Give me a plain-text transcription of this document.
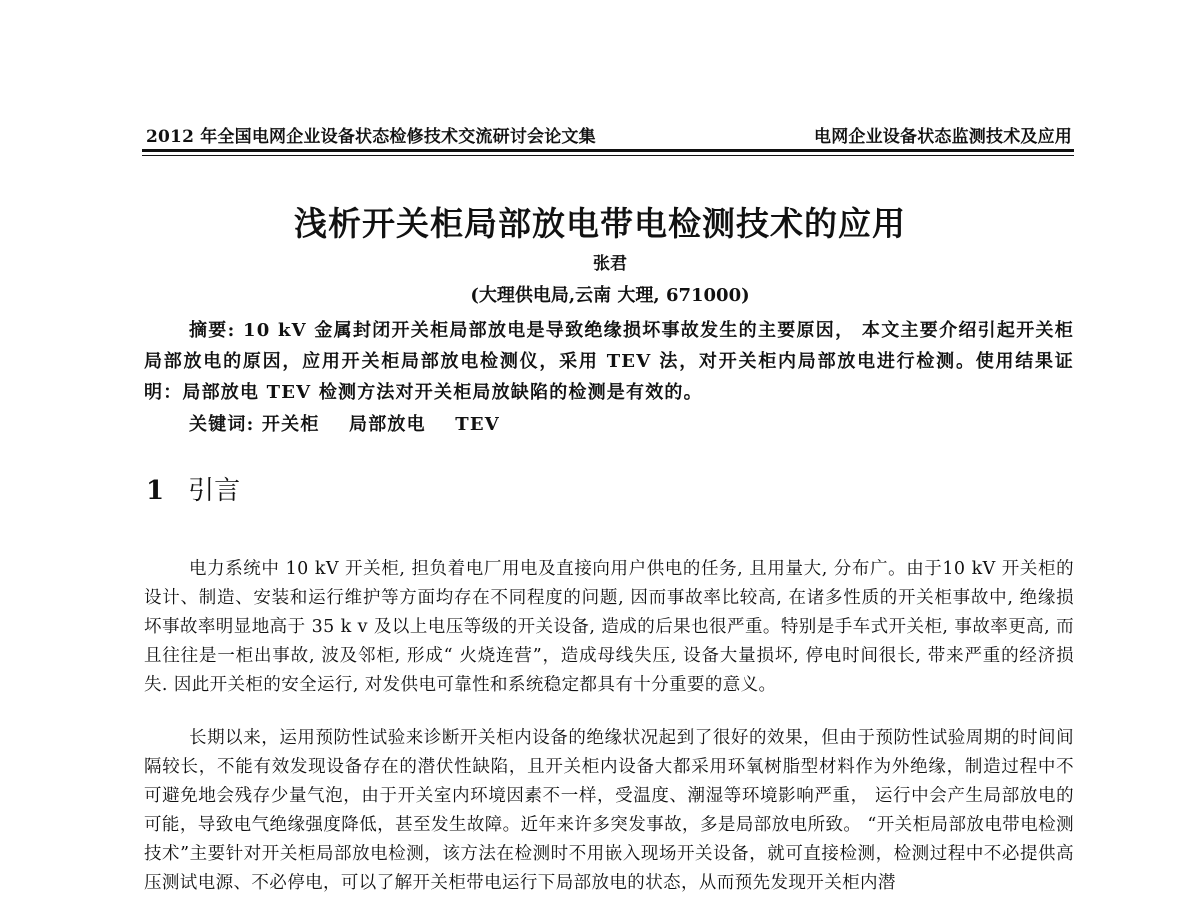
2012 年全国电网企业设备状态检修技术交流研讨会论文集	电网企业设备状态监测技术及应用
浅析开关柜局部放电带电检测技术的应用
张君
(大理供电局,云南 大理, 671000)
摘要: 10 kV 金属封闭开关柜局部放电是导致绝缘损坏事故发生的主要原因， 本文主要介绍引起开关柜局部放电的原因，应用开关柜局部放电检测仪，采用 TEV 法，对开关柜内局部放电进行检测。使用结果证明：局部放电 TEV 检测方法对开关柜局放缺陷的检测是有效的。
关键词: 开关柜 局部放电 TEV
1 引言

电力系统中 10 kV 开关柜, 担负着电厂用电及直接向用户供电的任务, 且用量大, 分布广。由于10 kV 开关柜的设计、制造、安装和运行维护等方面均存在不同程度的问题, 因而事故率比较高, 在诸多性质的开关柜事故中, 绝缘损坏事故率明显地高于 35 k v 及以上电压等级的开关设备, 造成的后果也很严重。特别是手车式开关柜, 事故率更高, 而且往往是一柜出事故, 波及邻柜, 形成“ 火烧连营”，造成母线失压, 设备大量损坏, 停电时间很长, 带来严重的经济损失. 因此开关柜的安全运行, 对发供电可靠性和系统稳定都具有十分重要的意义。

长期以来，运用预防性试验来诊断开关柜内设备的绝缘状况起到了很好的效果，但由于预防性试验周期的时间间隔较长，不能有效发现设备存在的潜伏性缺陷，且开关柜内设备大都采用环氧树脂型材料作为外绝缘，制造过程中不可避免地会残存少量气泡，由于开关室内环境因素不一样，受温度、潮湿等环境影响严重， 运行中会产生局部放电的可能，导致电气绝缘强度降低，甚至发生故障。近年来许多突发事故，多是局部放电所致。 “开关柜局部放电带电检测技术”主要针对开关柜局部放电检测，该方法在检测时不用嵌入现场开关设备，就可直接检测，检测过程中不必提供高压测试电源、不必停电，可以了解开关柜带电运行下局部放电的状态，从而预先发现开关柜内潜
